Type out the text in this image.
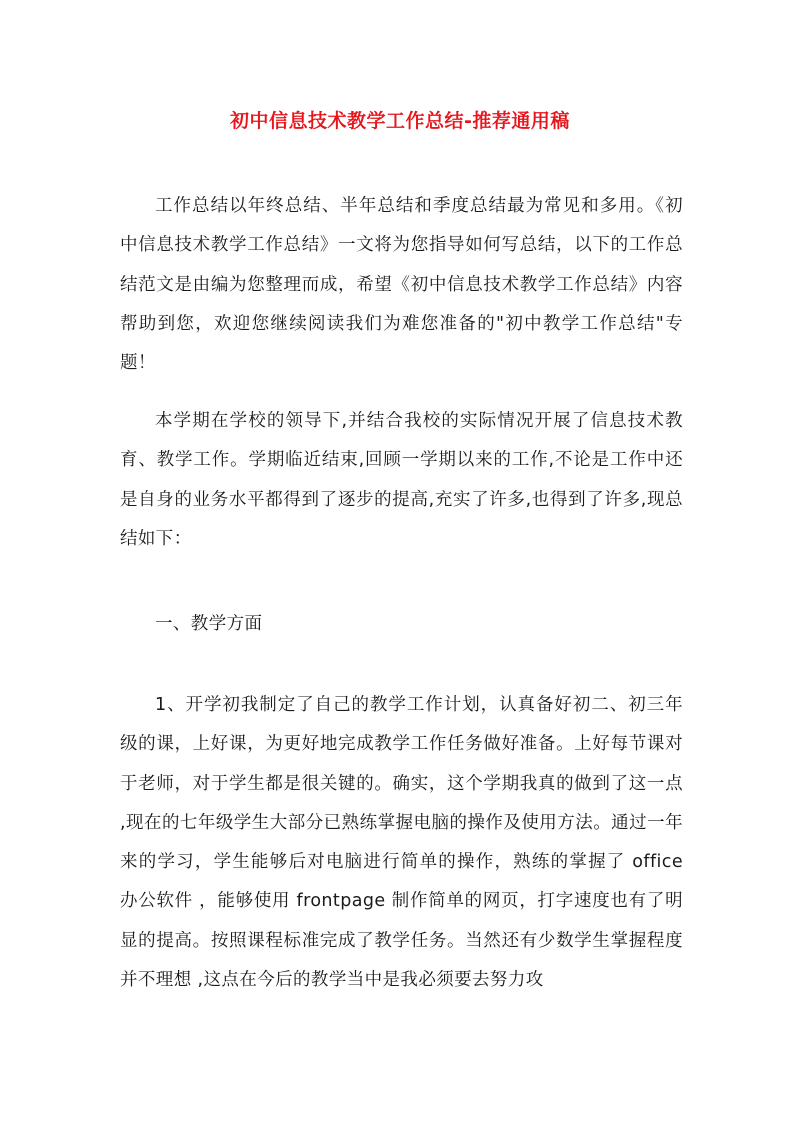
初中信息技术教学工作总结-推荐通用稿

工作总结以年终总结、半年总结和季度总结最为常见和多用。《初中信息技术教学工作总结》一文将为您指导如何写总结，以下的工作总结范文是由编为您整理而成，希望《初中信息技术教学工作总结》内容帮助到您，欢迎您继续阅读我们为难您准备的"初中教学工作总结"专题！

本学期在学校的领导下,并结合我校的实际情况开展了信息技术教育、教学工作。学期临近结束,回顾一学期以来的工作,不论是工作中还是自身的业务水平都得到了逐步的提高,充实了许多,也得到了许多,现总结如下：

一、教学方面

1、开学初我制定了自己的教学工作计划，认真备好初二、初三年级的课，上好课，为更好地完成教学工作任务做好准备。上好每节课对于老师，对于学生都是很关键的。确实，这个学期我真的做到了这一点 ,现在的七年级学生大部分已熟练掌握电脑的操作及使用方法。通过一年来的学习，学生能够后对电脑进行简单的操作，熟练的掌握了 office 办公软件 ，能够使用 frontpage 制作简单的网页，打字速度也有了明显的提高。按照课程标准完成了教学任务。当然还有少数学生掌握程度并不理想 ,这点在今后的教学当中是我必须要去努力攻
